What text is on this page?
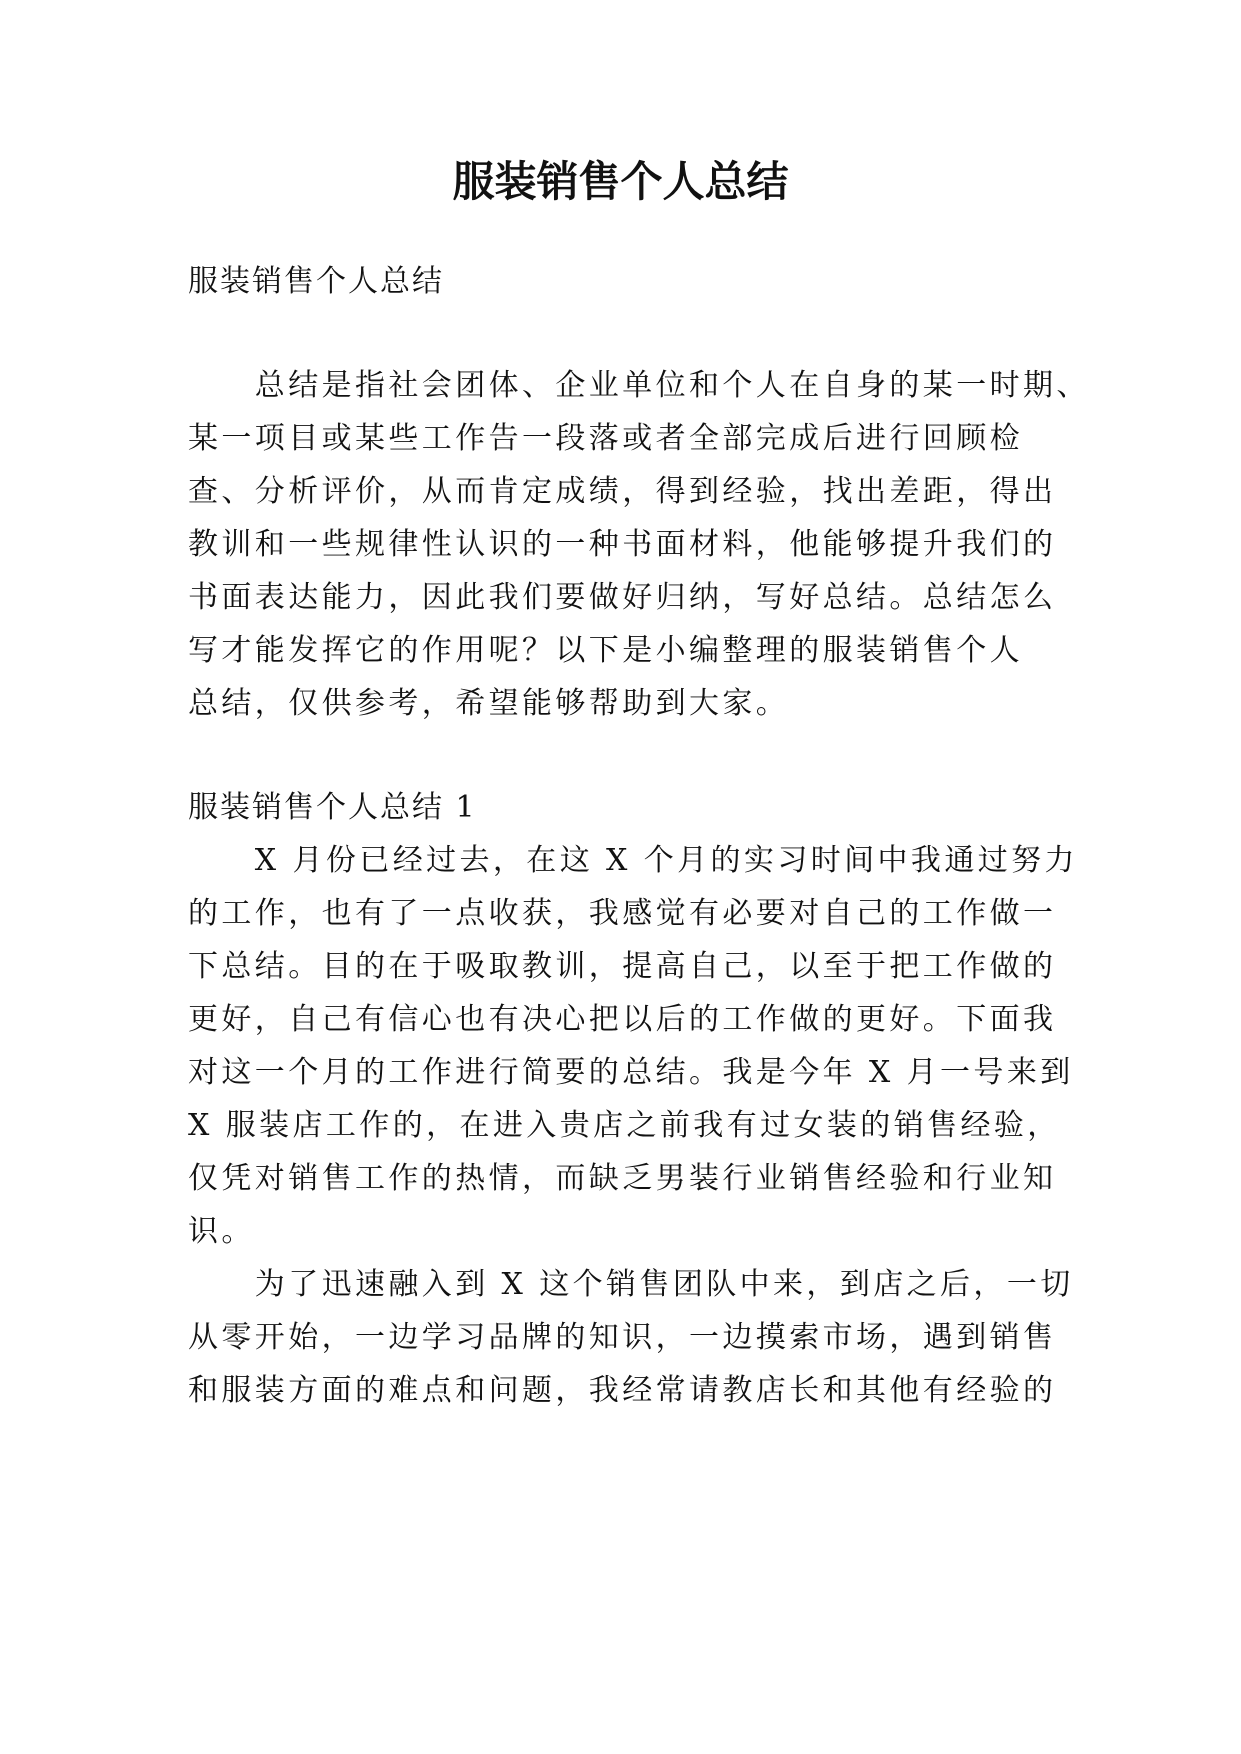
服装销售个人总结

服装销售个人总结

　　总结是指社会团体、企业单位和个人在自身的某一时期、

某一项目或某些工作告一段落或者全部完成后进行回顾检

查、分析评价，从而肯定成绩，得到经验，找出差距，得出

教训和一些规律性认识的一种书面材料，他能够提升我们的

书面表达能力，因此我们要做好归纳，写好总结。总结怎么

写才能发挥它的作用呢？以下是小编整理的服装销售个人

总结，仅供参考，希望能够帮助到大家。

服装销售个人总结 1

　　X 月份已经过去，在这 X 个月的实习时间中我通过努力

的工作，也有了一点收获，我感觉有必要对自己的工作做一

下总结。目的在于吸取教训，提高自己，以至于把工作做的

更好，自己有信心也有决心把以后的工作做的更好。下面我

对这一个月的工作进行简要的总结。我是今年 X 月一号来到

X 服装店工作的，在进入贵店之前我有过女装的销售经验，

仅凭对销售工作的热情，而缺乏男装行业销售经验和行业知

识。

　　为了迅速融入到 X 这个销售团队中来，到店之后，一切

从零开始，一边学习品牌的知识，一边摸索市场，遇到销售

和服装方面的难点和问题，我经常请教店长和其他有经验的
